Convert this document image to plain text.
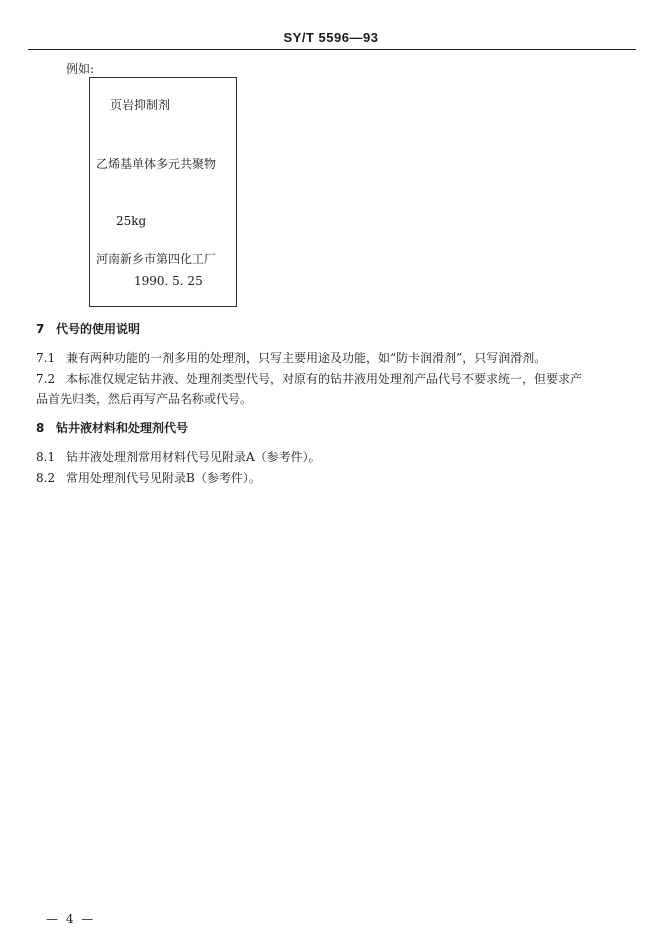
SY/T 5596—93
例如:
页岩抑制剂
乙烯基单体多元共聚物
25kg
河南新乡市第四化工厂
1990. 5. 25
7 代号的使用说明
7.1 兼有两种功能的一剂多用的处理剂，只写主要用途及功能，如“防卡润滑剂”，只写润滑剂。
7.2 本标准仅规定钻井液、处理剂类型代号，对原有的钻井液用处理剂产品代号不要求统一，但要求产
品首先归类，然后再写产品名称或代号。
8 钻井液材料和处理剂代号
8.1 钻井液处理剂常用材料代号见附录A（参考件）。
8.2 常用处理剂代号见附录B（参考件）。
— 4 —
